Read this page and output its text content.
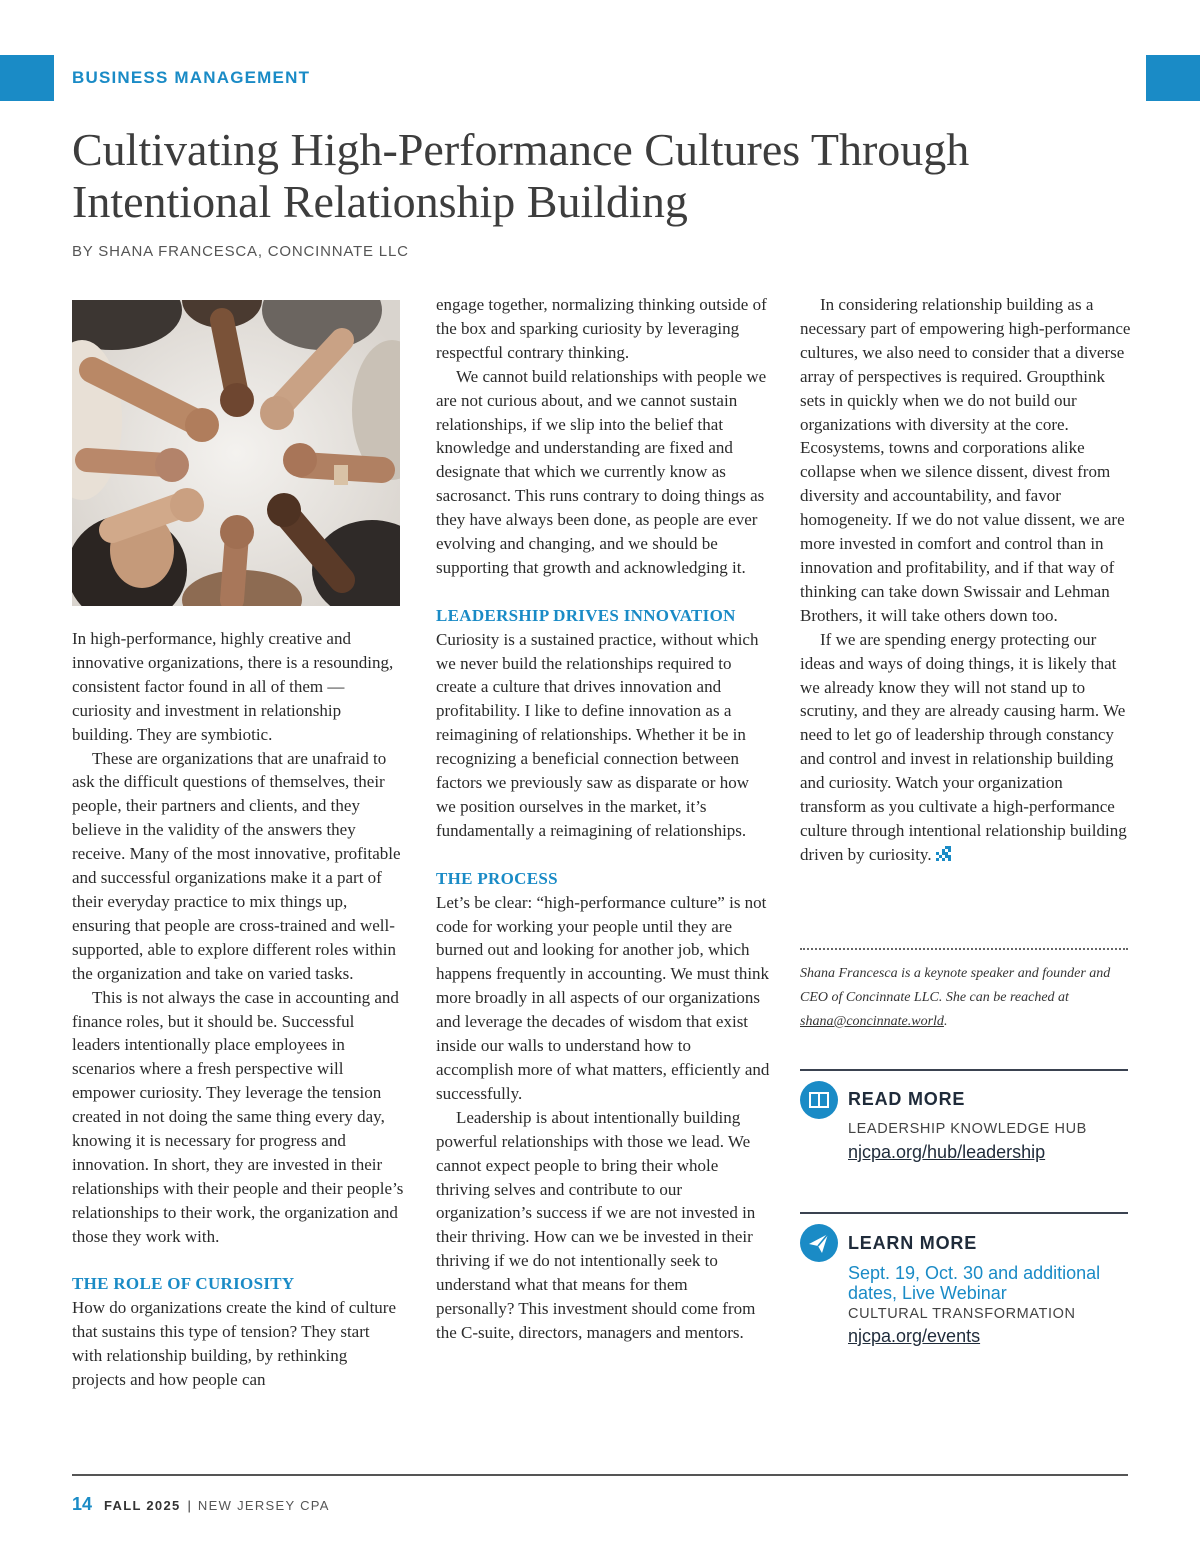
BUSINESS MANAGEMENT
Cultivating High-Performance Cultures Through
Intentional Relationship Building
BY SHANA FRANCESCA, CONCINNATE LLC

In high-performance, highly creative and innovative organizations, there is a resounding, consistent factor found in all of them — curiosity and investment in relationship building. They are symbiotic.

These are organizations that are unafraid to ask the difficult questions of themselves, their people, their partners and clients, and they believe in the validity of the answers they receive. Many of the most innovative, profitable and successful organizations make it a part of their everyday practice to mix things up, ensuring that people are cross-trained and well-supported, able to explore different roles within the organization and take on varied tasks.

This is not always the case in accounting and finance roles, but it should be. Successful leaders intentionally place employees in scenarios where a fresh perspective will empower curiosity. They leverage the tension created in not doing the same thing every day, knowing it is necessary for progress and innovation. In short, they are invested in their relationships with their people and their people’s relationships to their work, the organization and those they work with.

THE ROLE OF CURIOSITY

How do organizations create the kind of culture that sustains this type of tension? They start with relationship building, by rethinking projects and how people can

engage together, normalizing thinking outside of the box and sparking curiosity by leveraging respectful contrary thinking.

We cannot build relationships with people we are not curious about, and we cannot sustain relationships, if we slip into the belief that knowledge and understanding are fixed and designate that which we currently know as sacrosanct. This runs contrary to doing things as they have always been done, as people are ever evolving and changing, and we should be supporting that growth and acknowledging it.

LEADERSHIP DRIVES INNOVATION

Curiosity is a sustained practice, without which we never build the relationships required to create a culture that drives innovation and profitability. I like to define innovation as a reimagining of relationships. Whether it be in recognizing a beneficial connection between factors we previously saw as disparate or how we position ourselves in the market, it’s fundamentally a reimagining of relationships.

THE PROCESS

Let’s be clear: “high-performance culture” is not code for working your people until they are burned out and looking for another job, which happens frequently in accounting. We must think more broadly in all aspects of our organizations and leverage the decades of wisdom that exist inside our walls to understand how to accomplish more of what matters, efficiently and successfully.

Leadership is about intentionally building powerful relationships with those we lead. We cannot expect people to bring their whole thriving selves and contribute to our organization’s success if we are not invested in their thriving. How can we be invested in their thriving if we do not intentionally seek to understand what that means for them personally? This investment should come from the C-suite, directors, managers and mentors.

In considering relationship building as a necessary part of empowering high-performance cultures, we also need to consider that a diverse array of perspectives is required. Groupthink sets in quickly when we do not build our organizations with diversity at the core. Ecosystems, towns and corporations alike collapse when we silence dissent, divest from diversity and accountability, and favor homogeneity. If we do not value dissent, we are more invested in comfort and control than in innovation and profitability, and if that way of thinking can take down Swissair and Lehman Brothers, it will take others down too.

If we are spending energy protecting our ideas and ways of doing things, it is likely that we already know they will not stand up to scrutiny, and they are already causing harm. We need to let go of leadership through constancy and control and invest in relationship building and curiosity. Watch your organization transform as you cultivate a high-performance culture through intentional relationship building driven by curiosity.

Shana Francesca is a keynote speaker and founder and CEO of Concinnate LLC. She can be reached at shana@concinnate.world.
READ MORE
LEADERSHIP KNOWLEDGE HUB
njcpa.org/hub/leadership
LEARN MORE
Sept. 19, Oct. 30 and additional dates, Live Webinar
CULTURAL TRANSFORMATION
njcpa.org/events
14 FALL 2025 | NEW JERSEY CPA
